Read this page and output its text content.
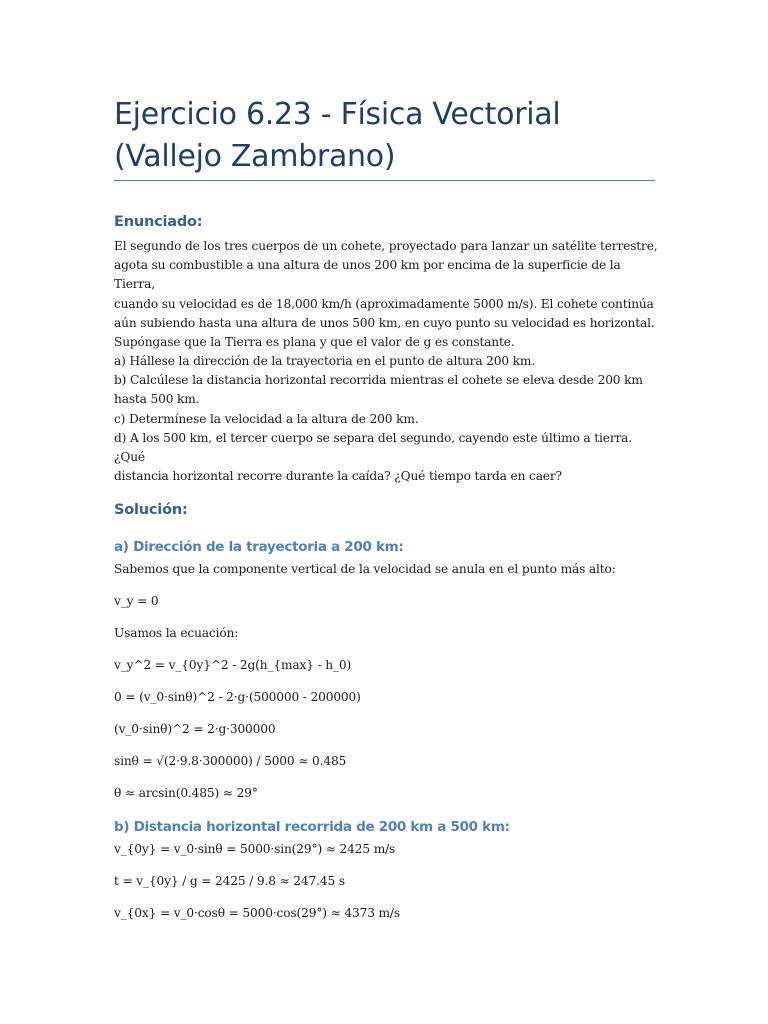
Ejercicio 6.23 - Física Vectorial (Vallejo Zambrano)
Enunciado:
El segundo de los tres cuerpos de un cohete, proyectado para lanzar un satélite terrestre,
agota su combustible a una altura de unos 200 km por encima de la superficie de la Tierra,
cuando su velocidad es de 18,000 km/h (aproximadamente 5000 m/s). El cohete continúa
aún subiendo hasta una altura de unos 500 km, en cuyo punto su velocidad es horizontal.
Supóngase que la Tierra es plana y que el valor de g es constante.
a) Hállese la dirección de la trayectoria en el punto de altura 200 km.
b) Calcúlese la distancia horizontal recorrida mientras el cohete se eleva desde 200 km
hasta 500 km.
c) Determínese la velocidad a la altura de 200 km.
d) A los 500 km, el tercer cuerpo se separa del segundo, cayendo este último a tierra. ¿Qué
distancia horizontal recorre durante la caída? ¿Qué tiempo tarda en caer?
Solución:
a) Dirección de la trayectoria a 200 km:

Sabemos que la componente vertical de la velocidad se anula en el punto más alto:

v_y = 0

Usamos la ecuación:

v_y^2 = v_{0y}^2 - 2g(h_{max} - h_0)

0 = (v_0·sinθ)^2 - 2·g·(500000 - 200000)

(v_0·sinθ)^2 = 2·g·300000

sinθ = √(2·9.8·300000) / 5000 ≈ 0.485

θ ≈ arcsin(0.485) ≈ 29°

b) Distancia horizontal recorrida de 200 km a 500 km:

v_{0y} = v_0·sinθ = 5000·sin(29°) ≈ 2425 m/s

t = v_{0y} / g = 2425 / 9.8 ≈ 247.45 s

v_{0x} = v_0·cosθ = 5000·cos(29°) ≈ 4373 m/s
